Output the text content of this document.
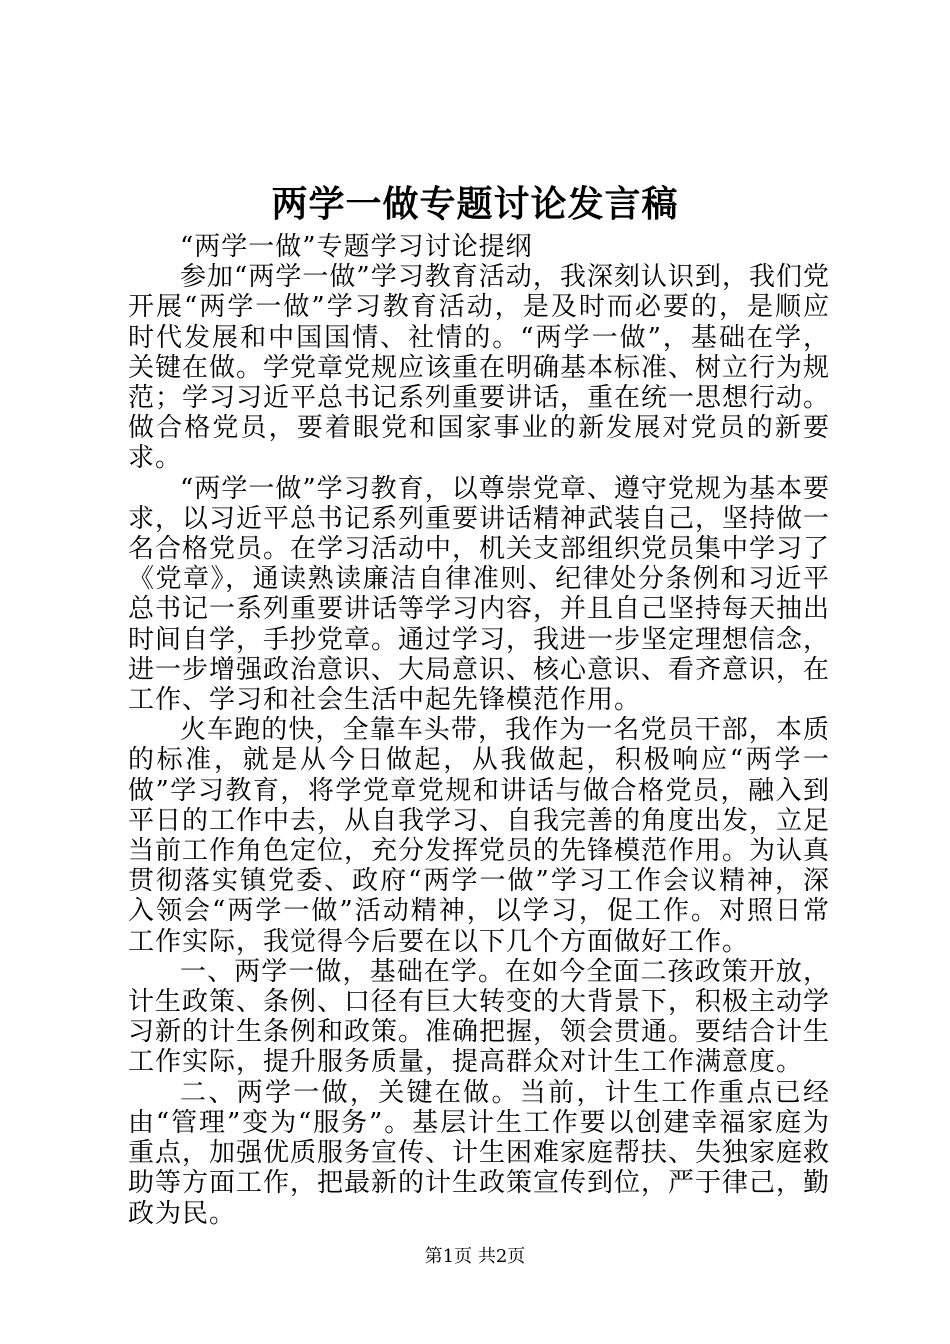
两学一做专题讨论发言稿

“两学一做”专题学习讨论提纲

参加“两学一做”学习教育活动，我深刻认识到，我们党开展“两学一做”学习教育活动，是及时而必要的，是顺应时代发展和中国国情、社情的。“两学一做”，基础在学，关键在做。学党章党规应该重在明确基本标准、树立行为规范；学习习近平总书记系列重要讲话，重在统一思想行动。做合格党员，要着眼党和国家事业的新发展对党员的新要求。

“两学一做”学习教育，以尊崇党章、遵守党规为基本要求，以习近平总书记系列重要讲话精神武装自己，坚持做一名合格党员。在学习活动中，机关支部组织党员集中学习了《党章》，通读熟读廉洁自律准则、纪律处分条例和习近平总书记一系列重要讲话等学习内容，并且自己坚持每天抽出时间自学，手抄党章。通过学习，我进一步坚定理想信念，进一步增强政治意识、大局意识、核心意识、看齐意识，在工作、学习和社会生活中起先锋模范作用。

火车跑的快，全靠车头带，我作为一名党员干部，本质的标准，就是从今日做起，从我做起，积极响应“两学一做”学习教育，将学党章党规和讲话与做合格党员，融入到平日的工作中去，从自我学习、自我完善的角度出发，立足当前工作角色定位，充分发挥党员的先锋模范作用。为认真贯彻落实镇党委、政府“两学一做”学习工作会议精神，深入领会“两学一做”活动精神，以学习，促工作。对照日常工作实际，我觉得今后要在以下几个方面做好工作。

一、两学一做，基础在学。在如今全面二孩政策开放，计生政策、条例、口径有巨大转变的大背景下，积极主动学习新的计生条例和政策。准确把握，领会贯通。要结合计生工作实际，提升服务质量，提高群众对计生工作满意度。

二、两学一做，关键在做。当前，计生工作重点已经由“管理”变为“服务”。基层计生工作要以创建幸福家庭为重点，加强优质服务宣传、计生困难家庭帮扶、失独家庭救助等方面工作，把最新的计生政策宣传到位，严于律己，勤政为民。

第1页 共2页
